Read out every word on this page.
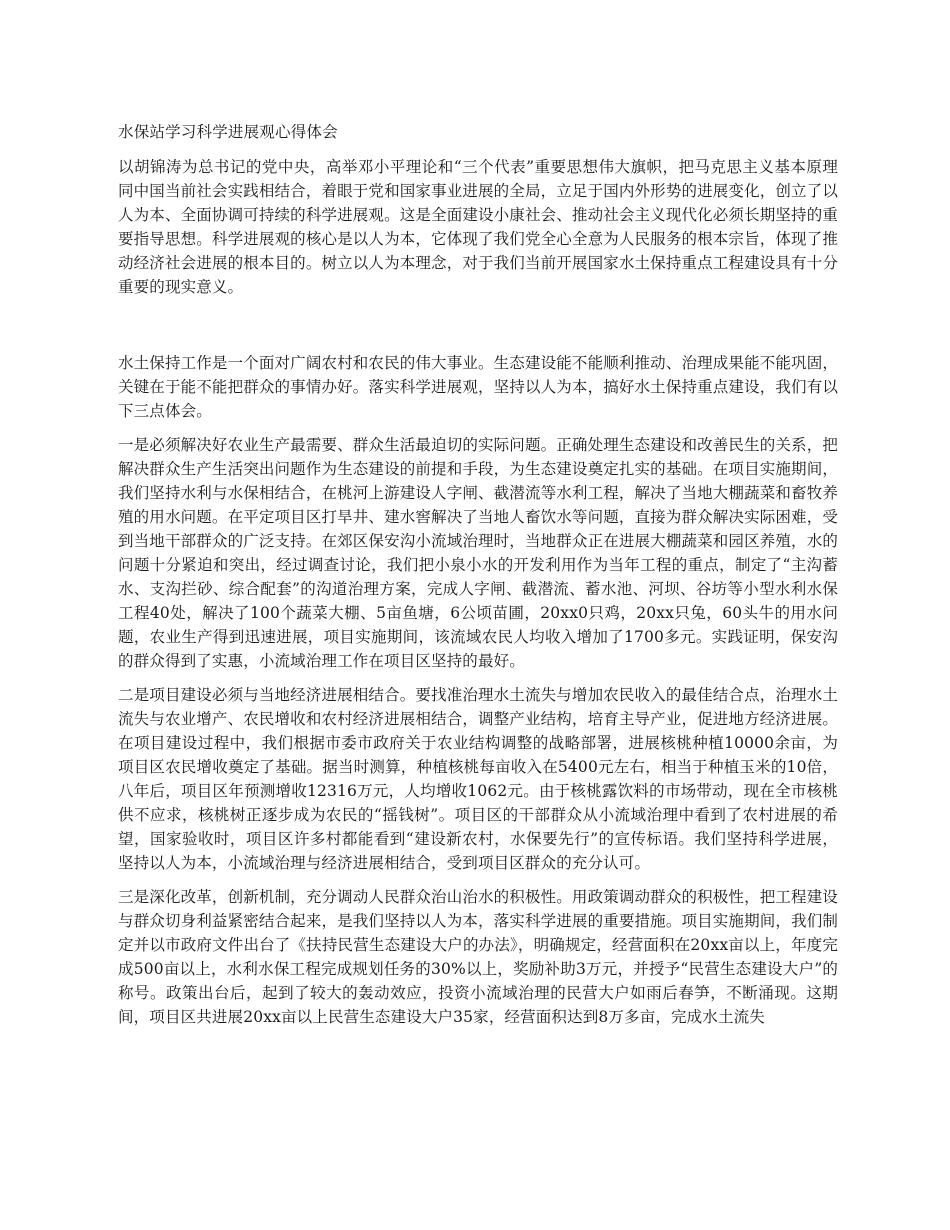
水保站学习科学进展观心得体会

以胡锦涛为总书记的党中央，高举邓小平理论和“三个代表”重要思想伟大旗帜，把马克思主义基本原理同中国当前社会实践相结合，着眼于党和国家事业进展的全局，立足于国内外形势的进展变化，创立了以人为本、全面协调可持续的科学进展观。这是全面建设小康社会、推动社会主义现代化必须长期坚持的重要指导思想。科学进展观的核心是以人为本，它体现了我们党全心全意为人民服务的根本宗旨，体现了推动经济社会进展的根本目的。树立以人为本理念，对于我们当前开展国家水土保持重点工程建设具有十分重要的现实意义。

水土保持工作是一个面对广阔农村和农民的伟大事业。生态建设能不能顺利推动、治理成果能不能巩固，关键在于能不能把群众的事情办好。落实科学进展观，坚持以人为本，搞好水土保持重点建设，我们有以下三点体会。

一是必须解决好农业生产最需要、群众生活最迫切的实际问题。正确处理生态建设和改善民生的关系，把解决群众生产生活突出问题作为生态建设的前提和手段，为生态建设奠定扎实的基础。在项目实施期间，我们坚持水利与水保相结合，在桃河上游建设人字闸、截潜流等水利工程，解决了当地大棚蔬菜和畜牧养殖的用水问题。在平定项目区打旱井、建水窖解决了当地人畜饮水等问题，直接为群众解决实际困难，受到当地干部群众的广泛支持。在郊区保安沟小流域治理时，当地群众正在进展大棚蔬菜和园区养殖，水的问题十分紧迫和突出，经过调查讨论，我们把小泉小水的开发利用作为当年工程的重点，制定了“主沟蓄水、支沟拦砂、综合配套”的沟道治理方案，完成人字闸、截潜流、蓄水池、河坝、谷坊等小型水利水保工程40处，解决了100个蔬菜大棚、5亩鱼塘，6公顷苗圃，20xx0只鸡，20xx只兔，60头牛的用水问题，农业生产得到迅速进展，项目实施期间，该流域农民人均收入增加了1700多元。实践证明，保安沟的群众得到了实惠，小流域治理工作在项目区坚持的最好。

二是项目建设必须与当地经济进展相结合。要找准治理水土流失与增加农民收入的最佳结合点，治理水土流失与农业增产、农民增收和农村经济进展相结合，调整产业结构，培育主导产业，促进地方经济进展。在项目建设过程中，我们根据市委市政府关于农业结构调整的战略部署，进展核桃种植10000余亩，为项目区农民增收奠定了基础。据当时测算，种植核桃每亩收入在5400元左右，相当于种植玉米的10倍，八年后，项目区年预测增收12316万元，人均增收1062元。由于核桃露饮料的市场带动，现在全市核桃供不应求，核桃树正逐步成为农民的“摇钱树”。项目区的干部群众从小流域治理中看到了农村进展的希望，国家验收时，项目区许多村都能看到“建设新农村，水保要先行”的宣传标语。我们坚持科学进展，坚持以人为本，小流域治理与经济进展相结合，受到项目区群众的充分认可。

三是深化改革，创新机制，充分调动人民群众治山治水的积极性。用政策调动群众的积极性，把工程建设与群众切身利益紧密结合起来，是我们坚持以人为本，落实科学进展的重要措施。项目实施期间，我们制定并以市政府文件出台了《扶持民营生态建设大户的办法》，明确规定，经营面积在20xx亩以上，年度完成500亩以上，水利水保工程完成规划任务的30%以上，奖励补助3万元，并授予“民营生态建设大户”的称号。政策出台后，起到了较大的轰动效应，投资小流域治理的民营大户如雨后春笋，不断涌现。这期间，项目区共进展20xx亩以上民营生态建设大户35家，经营面积达到8万多亩，完成水土流失
